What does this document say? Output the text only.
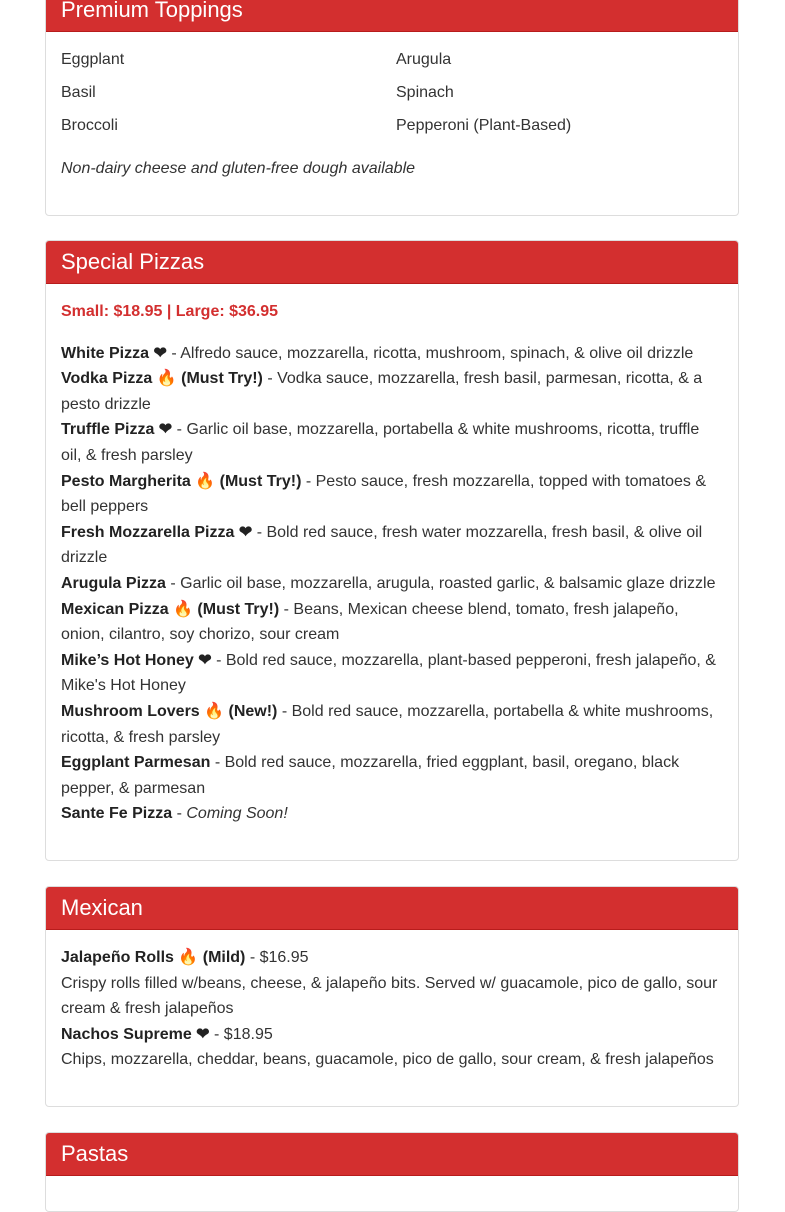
Premium Toppings
Eggplant	Arugula
Basil	Spinach
Broccoli	Pepperoni (Plant-Based)
Non-dairy cheese and gluten-free dough available
Special Pizzas
Small: $18.95 | Large: $36.95
White Pizza ❤ - Alfredo sauce, mozzarella, ricotta, mushroom, spinach, & olive oil drizzle
Vodka Pizza 🔥 (Must Try!) - Vodka sauce, mozzarella, fresh basil, parmesan, ricotta, & a pesto drizzle
Truffle Pizza ❤ - Garlic oil base, mozzarella, portabella & white mushrooms, ricotta, truffle oil, & fresh parsley
Pesto Margherita 🔥 (Must Try!) - Pesto sauce, fresh mozzarella, topped with tomatoes & bell peppers
Fresh Mozzarella Pizza ❤ - Bold red sauce, fresh water mozzarella, fresh basil, & olive oil drizzle
Arugula Pizza - Garlic oil base, mozzarella, arugula, roasted garlic, & balsamic glaze drizzle
Mexican Pizza 🔥 (Must Try!) - Beans, Mexican cheese blend, tomato, fresh jalapeño, onion, cilantro, soy chorizo, sour cream
Mike’s Hot Honey ❤ - Bold red sauce, mozzarella, plant-based pepperoni, fresh jalapeño, & Mike's Hot Honey
Mushroom Lovers 🔥 (New!) - Bold red sauce, mozzarella, portabella & white mushrooms, ricotta, & fresh parsley
Eggplant Parmesan - Bold red sauce, mozzarella, fried eggplant, basil, oregano, black pepper, & parmesan
Sante Fe Pizza - Coming Soon!
Mexican
Jalapeño Rolls 🔥 (Mild) - $16.95
Crispy rolls filled w/beans, cheese, & jalapeño bits. Served w/ guacamole, pico de gallo, sour cream & fresh jalapeños
Nachos Supreme ❤ - $18.95
Chips, mozzarella, cheddar, beans, guacamole, pico de gallo, sour cream, & fresh jalapeños
Pastas
